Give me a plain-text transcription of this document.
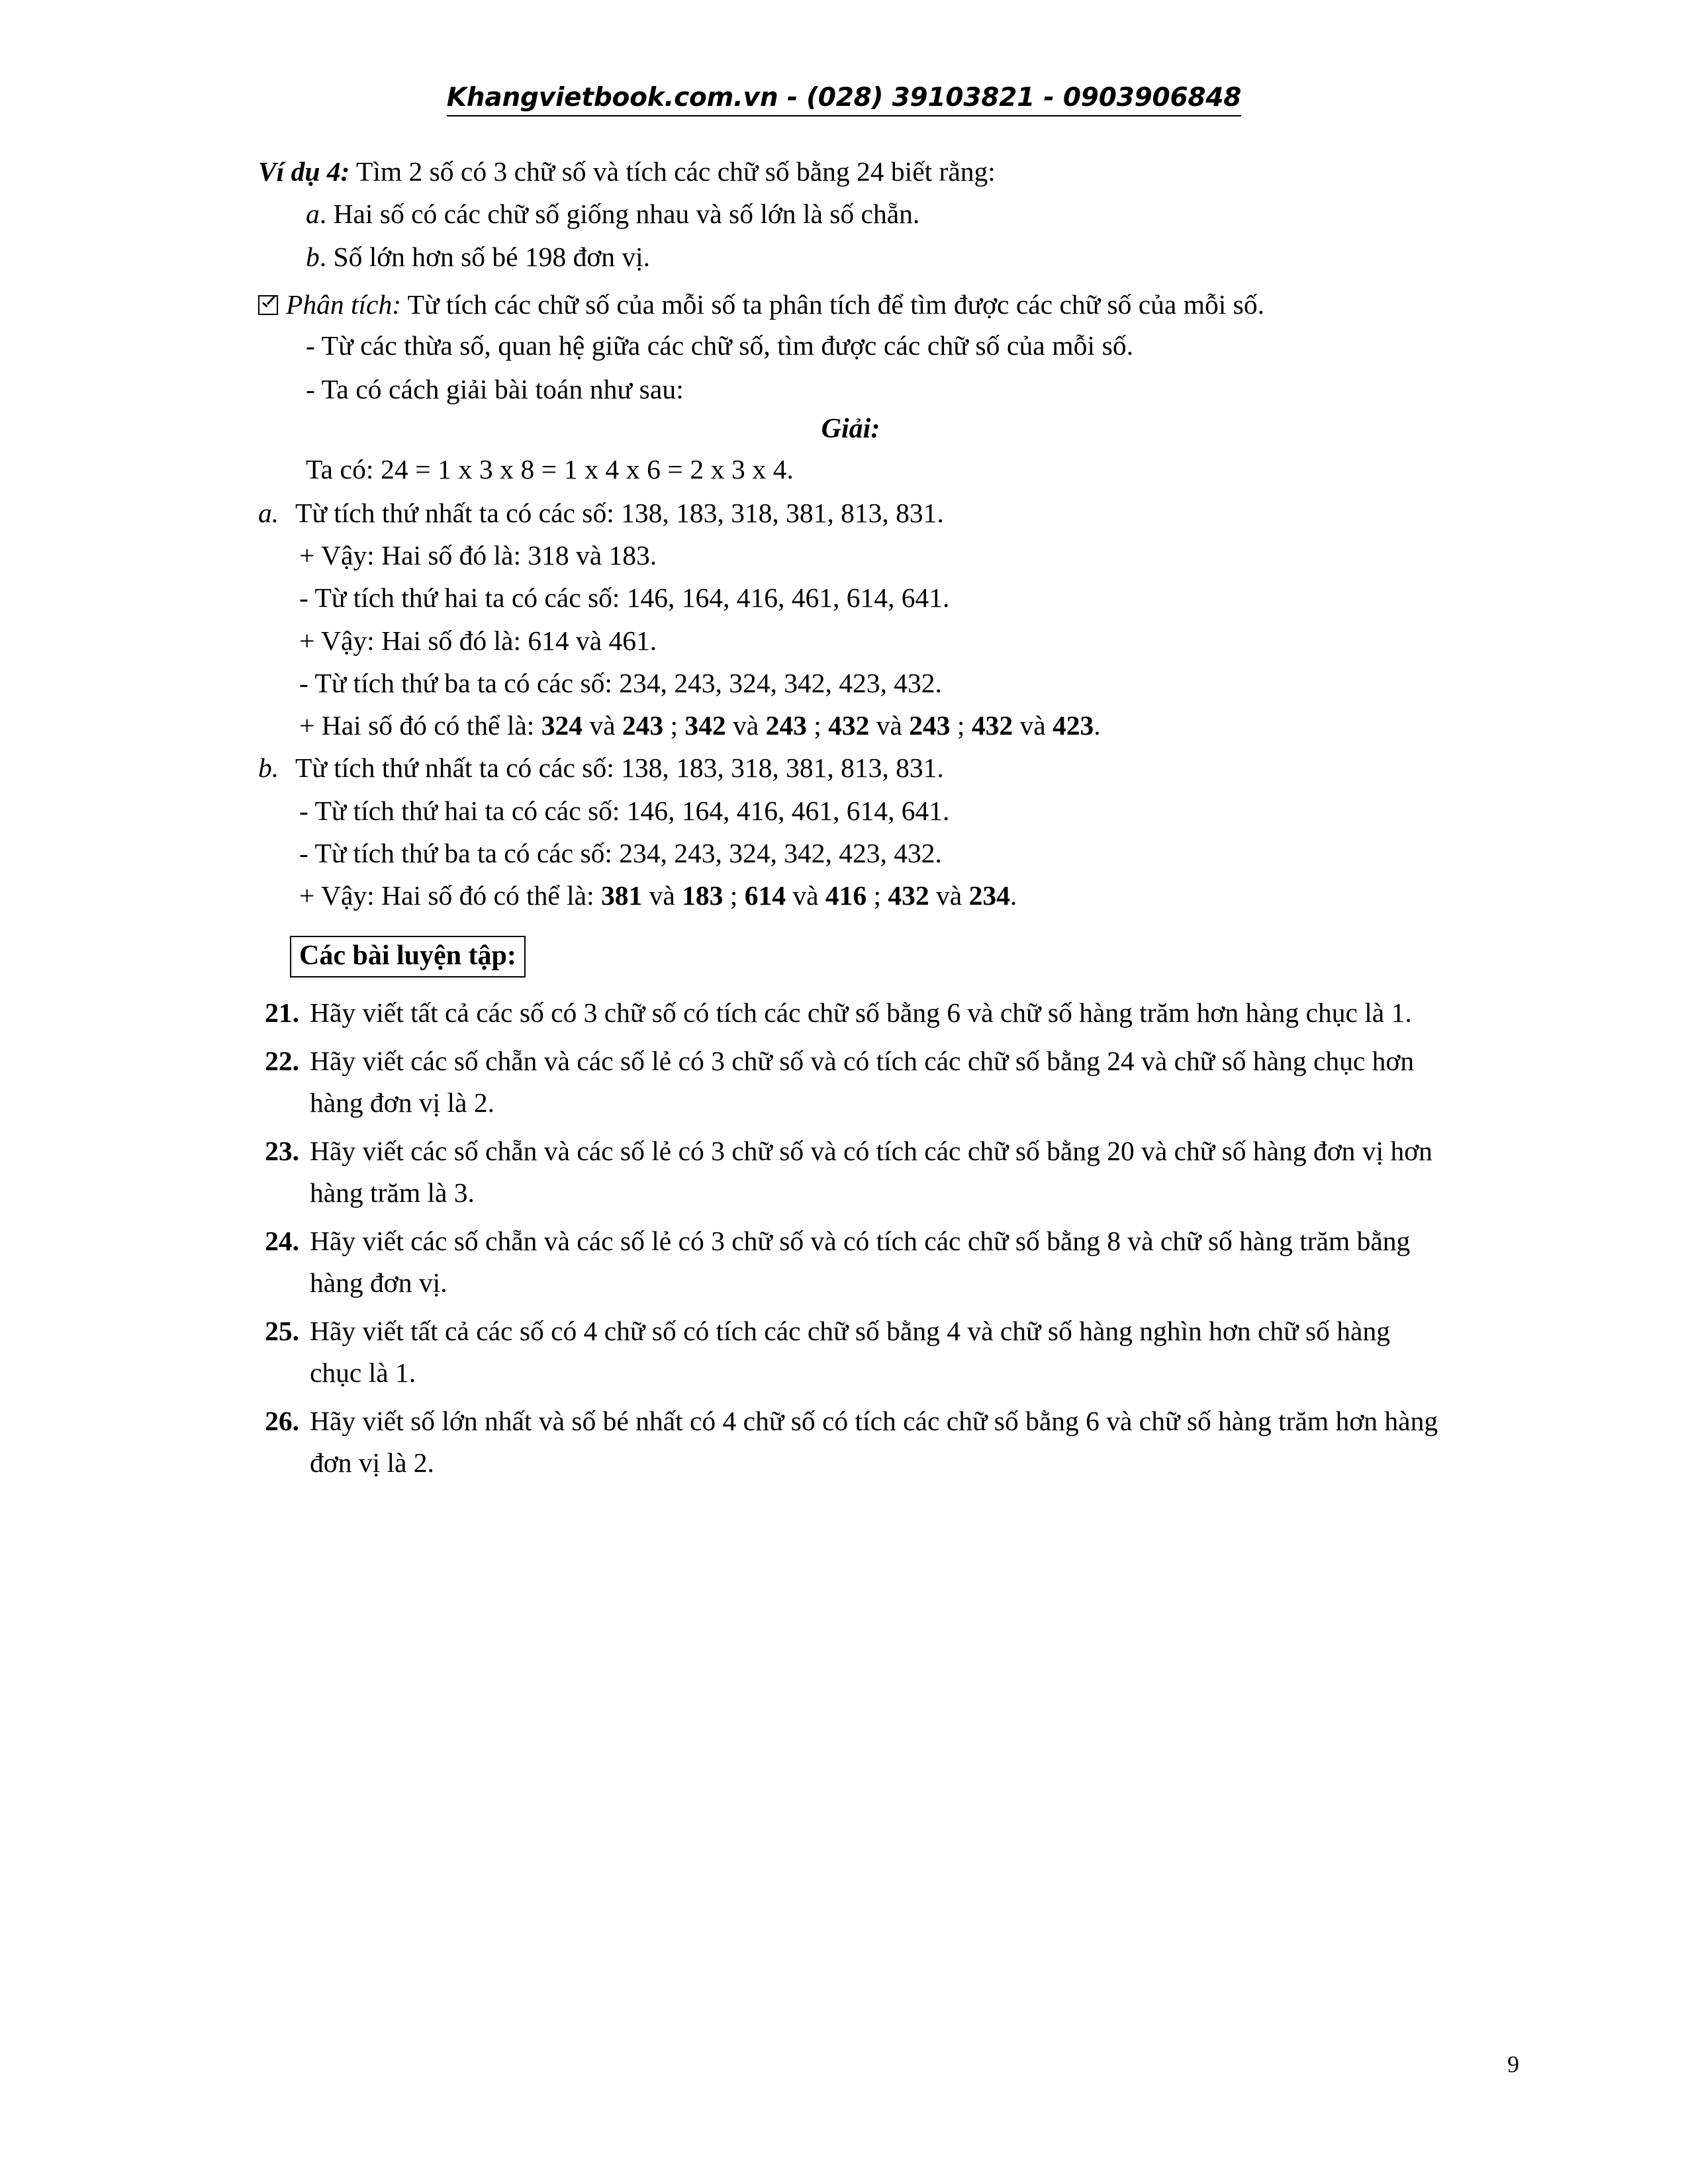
Khangvietbook.com.vn - (028) 39103821 - 0903906848
Ví dụ 4: Tìm 2 số có 3 chữ số và tích các chữ số bằng 24 biết rằng:
a. Hai số có các chữ số giống nhau và số lớn là số chẵn.
b. Số lớn hơn số bé 198 đơn vị.
Phân tích: Từ tích các chữ số của mỗi số ta phân tích để tìm được các chữ số của mỗi số.
- Từ các thừa số, quan hệ giữa các chữ số, tìm được các chữ số của mỗi số.
- Ta có cách giải bài toán như sau:
Giải:
Ta có: 24 = 1 x 3 x 8 = 1 x 4 x 6 = 2 x 3 x 4.
a. Từ tích thứ nhất ta có các số: 138, 183, 318, 381, 813, 831.
+ Vậy: Hai số đó là: 318 và 183.
- Từ tích thứ hai ta có các số: 146, 164, 416, 461, 614, 641.
+ Vậy: Hai số đó là: 614 và 461.
- Từ tích thứ ba ta có các số: 234, 243, 324, 342, 423, 432.
+ Hai số đó có thể là: 324 và 243 ; 342 và 243 ; 432 và 243 ; 432 và 423.
b. Từ tích thứ nhất ta có các số: 138, 183, 318, 381, 813, 831.
- Từ tích thứ hai ta có các số: 146, 164, 416, 461, 614, 641.
- Từ tích thứ ba ta có các số: 234, 243, 324, 342, 423, 432.
+ Vậy: Hai số đó có thể là: 381 và 183 ; 614 và 416 ; 432 và 234.
Các bài luyện tập:
21. Hãy viết tất cả các số có 3 chữ số có tích các chữ số bằng 6 và chữ số hàng trăm hơn hàng chục là 1.
22. Hãy viết các số chẵn và các số lẻ có 3 chữ số và có tích các chữ số bằng 24 và chữ số hàng chục hơn hàng đơn vị là 2.
23. Hãy viết các số chẵn và các số lẻ có 3 chữ số và có tích các chữ số bằng 20 và chữ số hàng đơn vị hơn hàng trăm là 3.
24. Hãy viết các số chẵn và các số lẻ có 3 chữ số và có tích các chữ số bằng 8 và chữ số hàng trăm bằng hàng đơn vị.
25. Hãy viết tất cả các số có 4 chữ số có tích các chữ số bằng 4 và chữ số hàng nghìn hơn chữ số hàng chục là 1.
26. Hãy viết số lớn nhất và số bé nhất có 4 chữ số có tích các chữ số bằng 6 và chữ số hàng trăm hơn hàng đơn vị là 2.
9
